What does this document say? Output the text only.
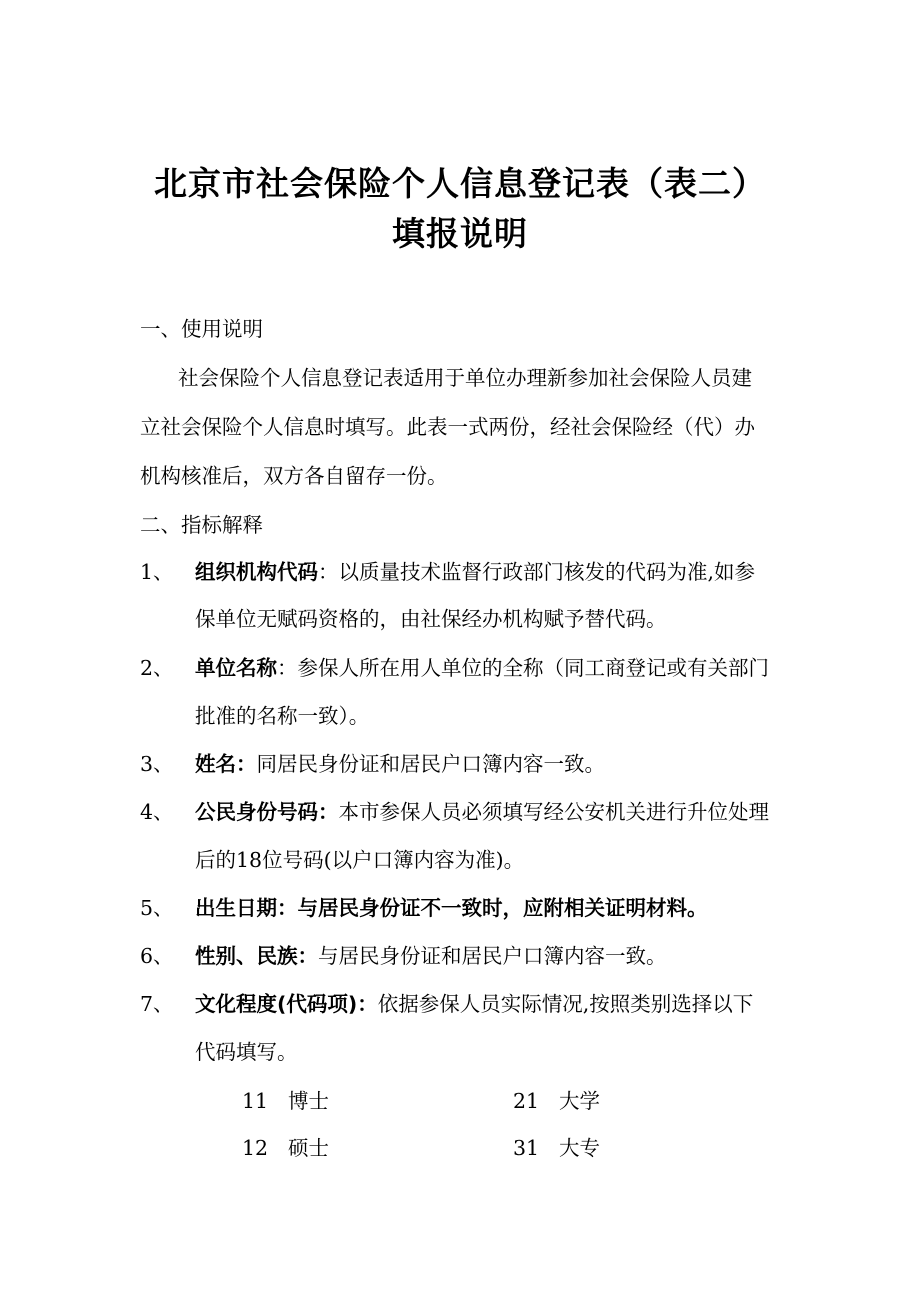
北京市社会保险个人信息登记表（表二）
填报说明
一、使用说明
社会保险个人信息登记表适用于单位办理新参加社会保险人员建
立社会保险个人信息时填写。此表一式两份，经社会保险经（代）办
机构核准后，双方各自留存一份。
二、指标解释
1、 组织机构代码：以质量技术监督行政部门核发的代码为准,如参
保单位无赋码资格的，由社保经办机构赋予替代码。
2、 单位名称：参保人所在用人单位的全称（同工商登记或有关部门
批准的名称一致）。
3、 姓名：同居民身份证和居民户口簿内容一致。
4、 公民身份号码：本市参保人员必须填写经公安机关进行升位处理
后的18位号码(以户口簿内容为准)。
5、 出生日期：与居民身份证不一致时，应附相关证明材料。
6、 性别、民族：与居民身份证和居民户口簿内容一致。
7、 文化程度(代码项)：依据参保人员实际情况,按照类别选择以下
代码填写。
11 博士	21 大学
12 硕士	31 大专
